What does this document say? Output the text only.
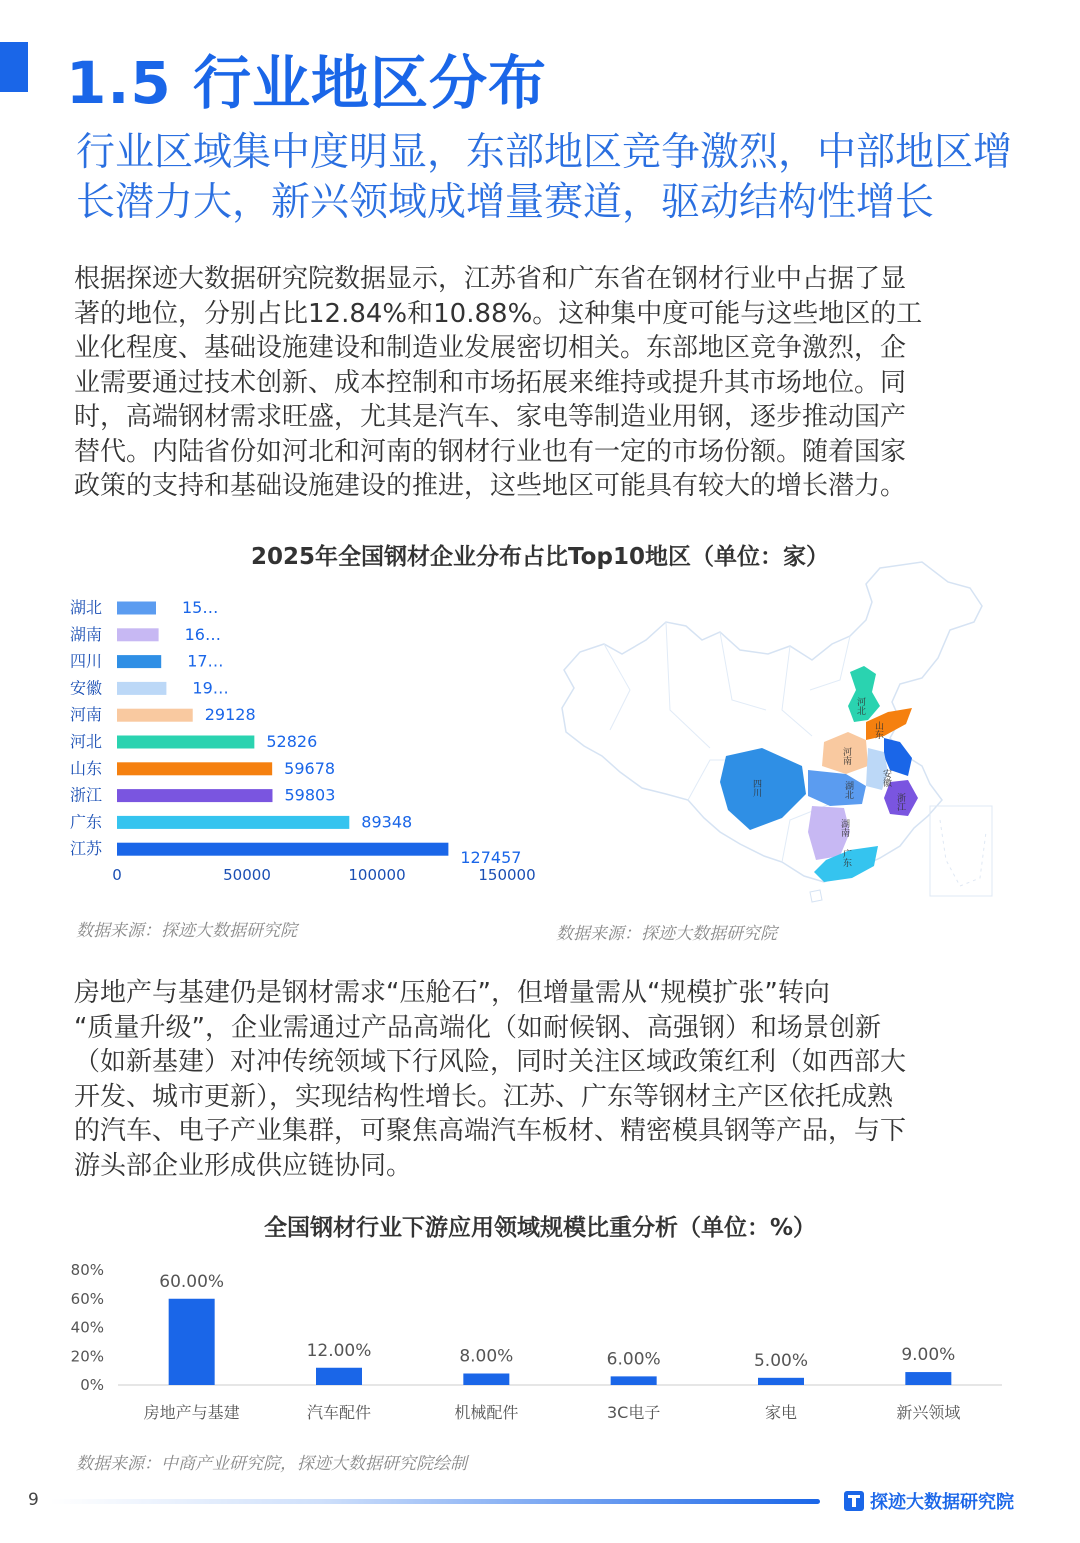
1.5 行业地区分布
行业区域集中度明显，东部地区竞争激烈，中部地区增
长潜力大，新兴领域成增量赛道，驱动结构性增长
根据探迹大数据研究院数据显示，江苏省和广东省在钢材行业中占据了显
著的地位，分别占比12.84%和10.88%。这种集中度可能与这些地区的工
业化程度、基础设施建设和制造业发展密切相关。东部地区竞争激烈，企
业需要通过技术创新、成本控制和市场拓展来维持或提升其市场地位。同
时，高端钢材需求旺盛，尤其是汽车、家电等制造业用钢，逐步推动国产
替代。内陆省份如河北和河南的钢材行业也有一定的市场份额。随着国家
政策的支持和基础设施建设的推进，这些地区可能具有较大的增长潜力。
2025年全国钢材企业分布占比Top10地区（单位：家）
湖北	15…
湖南	16…
四川	17…
安徽	19…
河南	29128
河北	52826
山东	59678
浙江	59803
广东	89348
江苏	127457
0	50000	100000	150000
河北
山东
河南
安徽
湖北
四川
浙江
湖南
广东
数据来源：探迹大数据研究院	数据来源：探迹大数据研究院
房地产与基建仍是钢材需求“压舱石”，但增量需从“规模扩张”转向
“质量升级”，企业需通过产品高端化（如耐候钢、高强钢）和场景创新
（如新基建）对冲传统领域下行风险，同时关注区域政策红利（如西部大
开发、城市更新），实现结构性增长。江苏、广东等钢材主产区依托成熟
的汽车、电子产业集群，可聚焦高端汽车板材、精密模具钢等产品，与下
游头部企业形成供应链协同。
全国钢材行业下游应用领域规模比重分析（单位：%）
80%
60%
40%
20%
0%
60.00%
房地产与基建
12.00%
汽车配件
8.00%
机械配件
6.00%
3C电子
5.00%
家电
9.00%
新兴领域
数据来源：中商产业研究院，探迹大数据研究院绘制
9	探迹大数据研究院
